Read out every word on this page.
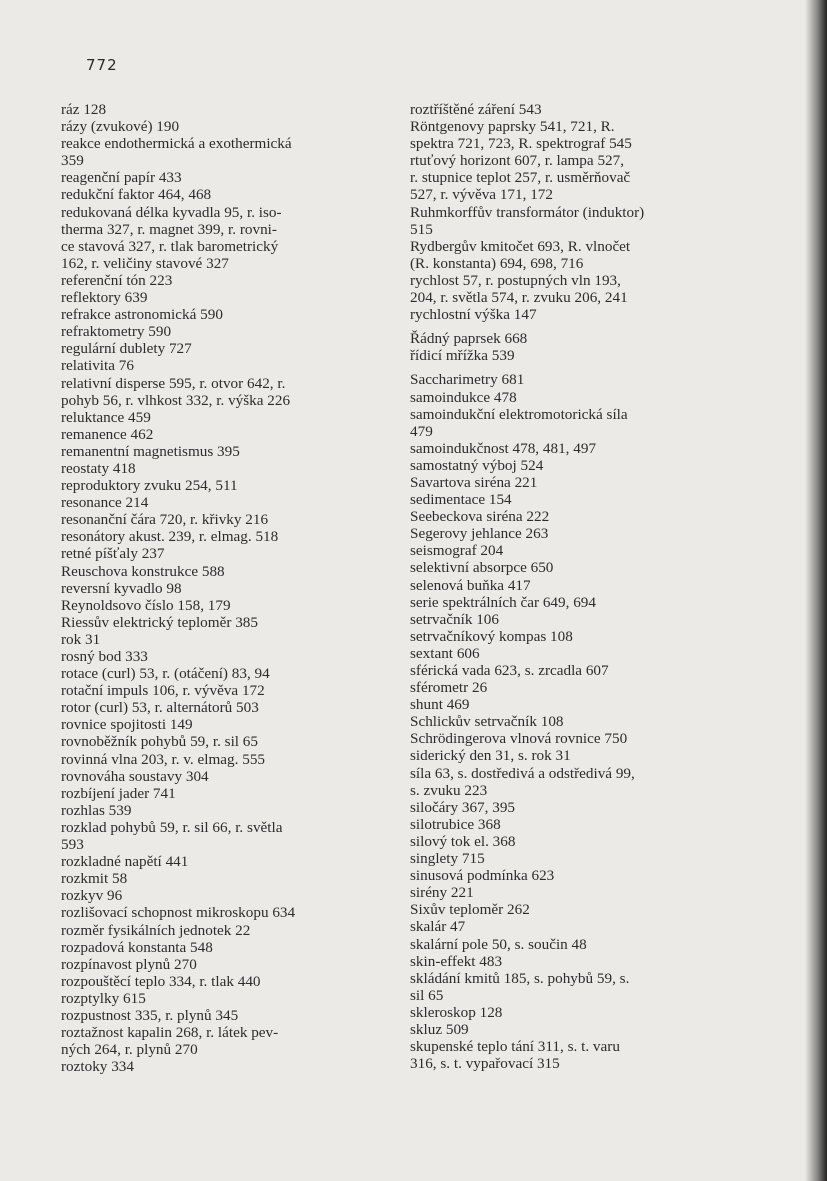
772
ráz 128
rázy (zvukové) 190
reakce endothermická a exothermická
359
reagenční papír 433
redukční faktor 464, 468
redukovaná délka kyvadla 95, r. iso-
therma 327, r. magnet 399, r. rovni-
ce stavová 327, r. tlak barometrický
162, r. veličiny stavové 327
referenční tón 223
reflektory 639
refrakce astronomická 590
refraktometry 590
regulární dublety 727
relativita 76
relativní disperse 595, r. otvor 642, r.
pohyb 56, r. vlhkost 332, r. výška 226
reluktance 459
remanence 462
remanentní magnetismus 395
reostaty 418
reproduktory zvuku 254, 511
resonance 214
resonanční čára 720, r. křivky 216
resonátory akust. 239, r. elmag. 518
retné píšťaly 237
Reuschova konstrukce 588
reversní kyvadlo 98
Reynoldsovo číslo 158, 179
Riessův elektrický teploměr 385
rok 31
rosný bod 333
rotace (curl) 53, r. (otáčení) 83, 94
rotační impuls 106, r. vývěva 172
rotor (curl) 53, r. alternátorů 503
rovnice spojitosti 149
rovnoběžník pohybů 59, r. sil 65
rovinná vlna 203, r. v. elmag. 555
rovnováha soustavy 304
rozbíjení jader 741
rozhlas 539
rozklad pohybů 59, r. sil 66, r. světla
593
rozkladné napětí 441
rozkmit 58
rozkyv 96
rozlišovací schopnost mikroskopu 634
rozměr fysikálních jednotek 22
rozpadová konstanta 548
rozpínavost plynů 270
rozpouštěcí teplo 334, r. tlak 440
rozptylky 615
rozpustnost 335, r. plynů 345
roztažnost kapalin 268, r. látek pev-
ných 264, r. plynů 270
roztoky 334
roztříštěné záření 543
Röntgenovy paprsky 541, 721, R.
spektra 721, 723, R. spektrograf 545
rtuťový horizont 607, r. lampa 527,
r. stupnice teplot 257, r. usměrňovač
527, r. vývěva 171, 172
Ruhmkorffův transformátor (induktor)
515
Rydbergův kmitočet 693, R. vlnočet
(R. konstanta) 694, 698, 716
rychlost 57, r. postupných vln 193,
204, r. světla 574, r. zvuku 206, 241
rychlostní výška 147
Řádný paprsek 668
řídicí mřížka 539
Saccharimetry 681
samoindukce 478
samoindukční elektromotorická síla
479
samoindukčnost 478, 481, 497
samostatný výboj 524
Savartova siréna 221
sedimentace 154
Seebeckova siréna 222
Segerovy jehlance 263
seismograf 204
selektivní absorpce 650
selenová buňka 417
serie spektrálních čar 649, 694
setrvačník 106
setrvačníkový kompas 108
sextant 606
sférická vada 623, s. zrcadla 607
sférometr 26
shunt 469
Schlickův setrvačník 108
Schrödingerova vlnová rovnice 750
siderický den 31, s. rok 31
síla 63, s. dostředivá a odstředivá 99,
s. zvuku 223
siločáry 367, 395
silotrubice 368
silový tok el. 368
singlety 715
sinusová podmínka 623
sirény 221
Sixův teploměr 262
skalár 47
skalární pole 50, s. součin 48
skin-effekt 483
skládání kmitů 185, s. pohybů 59, s.
sil 65
skleroskop 128
skluz 509
skupenské teplo tání 311, s. t. varu
316, s. t. vypařovací 315
